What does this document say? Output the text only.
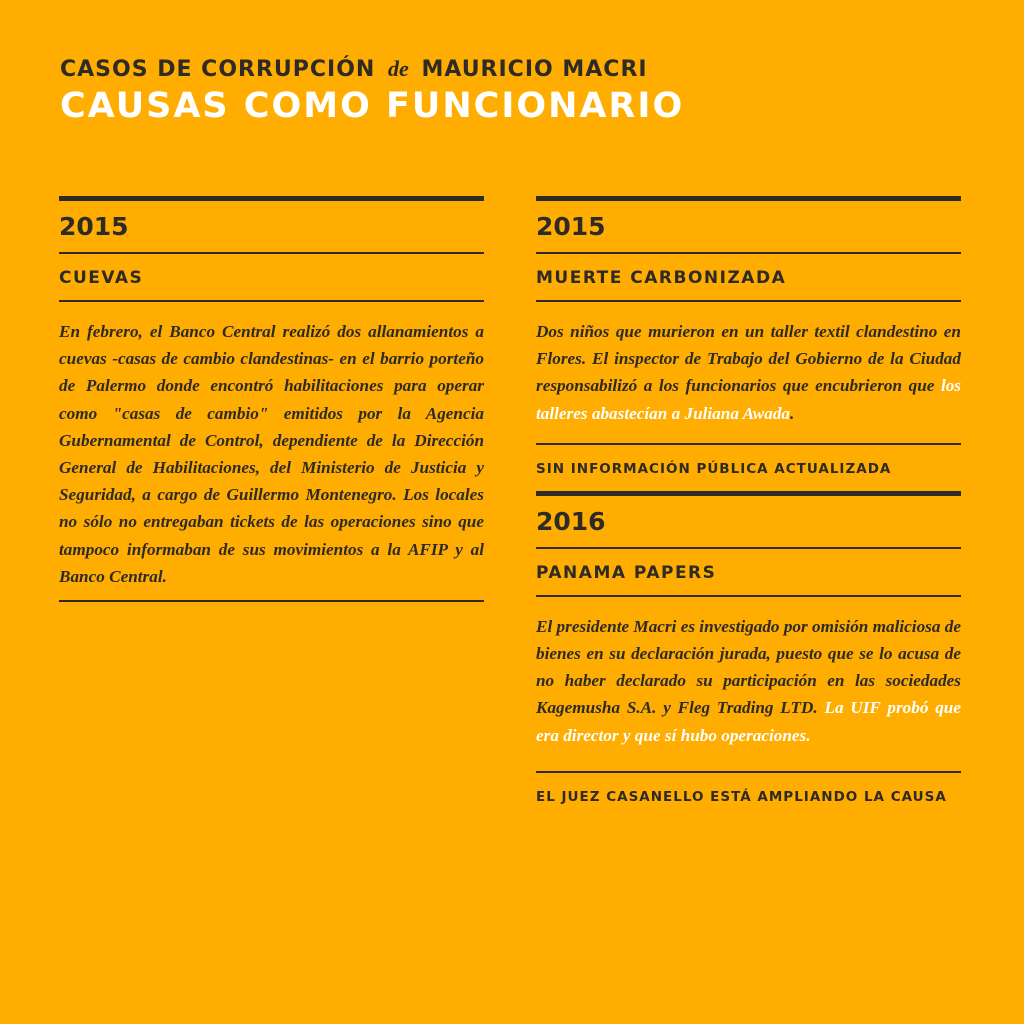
CASOS DE CORRUPCIÓN de MAURICIO MACRI
CAUSAS COMO FUNCIONARIO
2015
CUEVAS
En febrero, el Banco Central realizó dos allanamientos a cuevas -casas de cambio clandestinas- en el barrio porteño de Palermo donde encontró habilitaciones para operar como "casas de cambio" emitidos por la Agencia Gubernamental de Control, dependiente de la Dirección General de Habilitaciones, del Ministerio de Justicia y Seguridad, a cargo de Guillermo Montenegro. Los locales no sólo no entregaban tickets de las operaciones sino que tampoco informaban de sus movimientos a la AFIP y al Banco Central.
2015
MUERTE CARBONIZADA
Dos niños que murieron en un taller textil clandestino en Flores. El inspector de Trabajo del Gobierno de la Ciudad responsabilizó a los funcionarios que encubrieron que los talleres abastecían a Juliana Awada.
SIN INFORMACIÓN PÚBLICA ACTUALIZADA
2016
PANAMA PAPERS
El presidente Macri es investigado por omisión maliciosa de bienes en su declaración jurada, puesto que se lo acusa de no haber declarado su participación en las sociedades Kagemusha S.A. y Fleg Trading LTD. La UIF probó que era director y que sí hubo operaciones.
EL JUEZ CASANELLO ESTÁ AMPLIANDO LA CAUSA
